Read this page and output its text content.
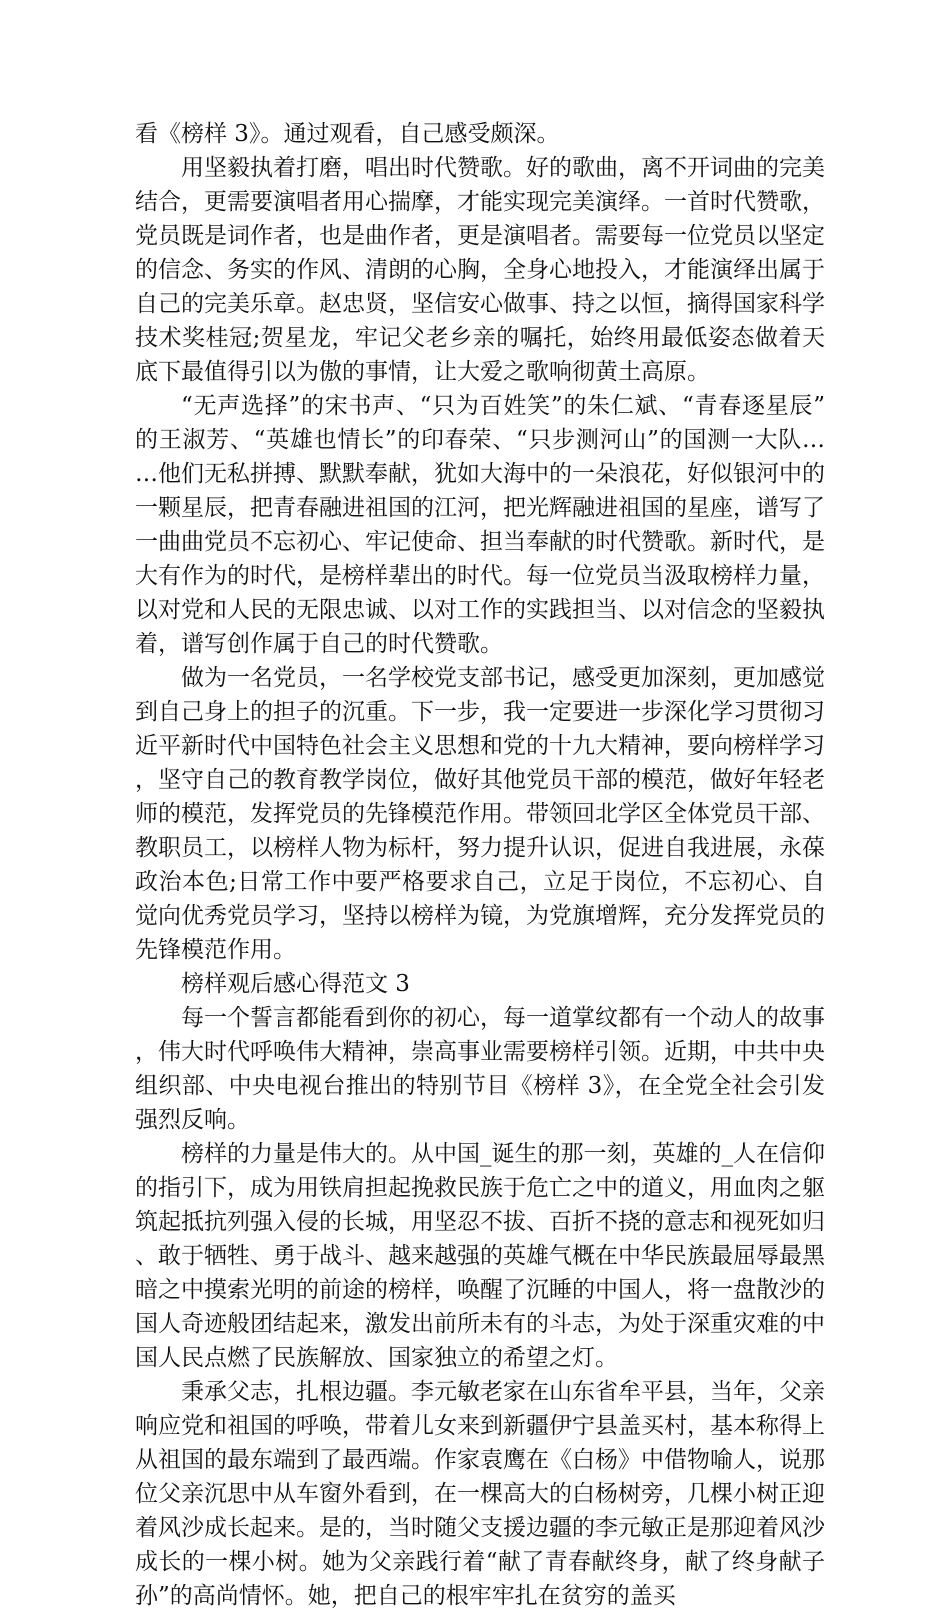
看《榜样 3》。通过观看，自己感受颇深。

用坚毅执着打磨，唱出时代赞歌。好的歌曲，离不开词曲的完美结合，更需要演唱者用心揣摩，才能实现完美演绎。一首时代赞歌，党员既是词作者，也是曲作者，更是演唱者。需要每一位党员以坚定的信念、务实的作风、清朗的心胸，全身心地投入，才能演绎出属于自己的完美乐章。赵忠贤，坚信安心做事、持之以恒，摘得国家科学技术奖桂冠;贺星龙，牢记父老乡亲的嘱托，始终用最低姿态做着天底下最值得引以为傲的事情，让大爱之歌响彻黄土高原。

“无声选择”的宋书声、“只为百姓笑”的朱仁斌、“青春逐星辰”的王淑芳、“英雄也情长”的印春荣、“只步测河山”的国测一大队……他们无私拼搏、默默奉献，犹如大海中的一朵浪花，好似银河中的一颗星辰，把青春融进祖国的江河，把光辉融进祖国的星座，谱写了一曲曲党员不忘初心、牢记使命、担当奉献的时代赞歌。新时代，是大有作为的时代，是榜样辈出的时代。每一位党员当汲取榜样力量，以对党和人民的无限忠诚、以对工作的实践担当、以对信念的坚毅执着，谱写创作属于自己的时代赞歌。

做为一名党员，一名学校党支部书记，感受更加深刻，更加感觉到自己身上的担子的沉重。下一步，我一定要进一步深化学习贯彻习近平新时代中国特色社会主义思想和党的十九大精神，要向榜样学习，坚守自己的教育教学岗位，做好其他党员干部的模范，做好年轻老师的模范，发挥党员的先锋模范作用。带领回北学区全体党员干部、教职员工，以榜样人物为标杆，努力提升认识，促进自我进展，永葆政治本色;日常工作中要严格要求自己，立足于岗位，不忘初心、自觉向优秀党员学习，坚持以榜样为镜，为党旗增辉，充分发挥党员的先锋模范作用。

榜样观后感心得范文 3

每一个誓言都能看到你的初心，每一道掌纹都有一个动人的故事，伟大时代呼唤伟大精神，崇高事业需要榜样引领。近期，中共中央组织部、中央电视台推出的特别节目《榜样 3》，在全党全社会引发强烈反响。

榜样的力量是伟大的。从中国_诞生的那一刻，英雄的_人在信仰的指引下，成为用铁肩担起挽救民族于危亡之中的道义，用血肉之躯筑起抵抗列强入侵的长城，用坚忍不拔、百折不挠的意志和视死如归、敢于牺牲、勇于战斗、越来越强的英雄气概在中华民族最屈辱最黑暗之中摸索光明的前途的榜样，唤醒了沉睡的中国人，将一盘散沙的国人奇迹般团结起来，激发出前所未有的斗志，为处于深重灾难的中国人民点燃了民族解放、国家独立的希望之灯。

秉承父志，扎根边疆。李元敏老家在山东省牟平县，当年，父亲响应党和祖国的呼唤，带着儿女来到新疆伊宁县盖买村，基本称得上从祖国的最东端到了最西端。作家袁鹰在《白杨》中借物喻人，说那位父亲沉思中从车窗外看到，在一棵高大的白杨树旁，几棵小树正迎着风沙成长起来。是的，当时随父支援边疆的李元敏正是那迎着风沙成长的一棵小树。她为父亲践行着“献了青春献终身，献了终身献子孙”的高尚情怀。她，把自己的根牢牢扎在贫穷的盖买
